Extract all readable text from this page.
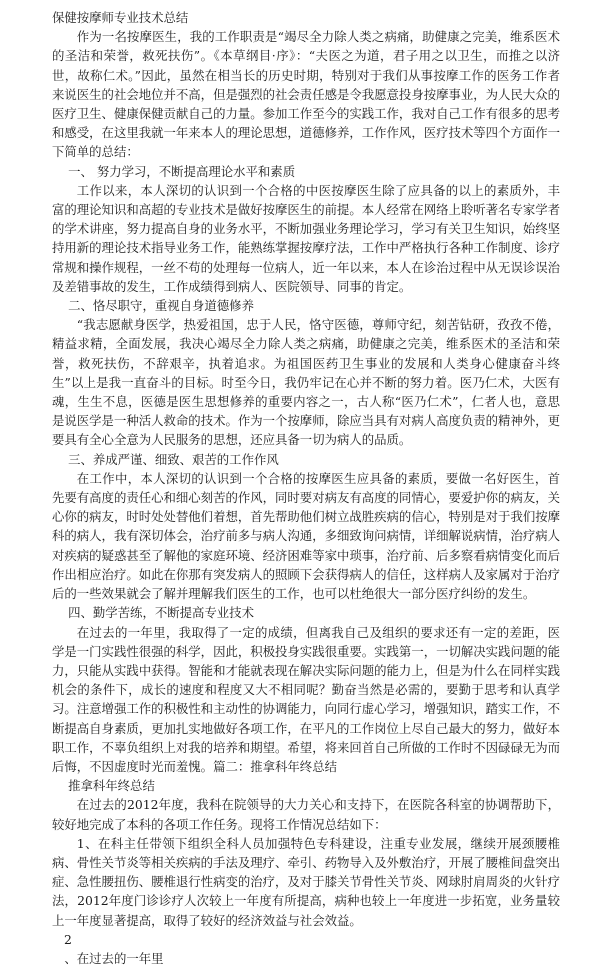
保健按摩师专业技术总结

作为一名按摩医生，我的工作职责是“竭尽全力除人类之病痛，助健康之完美，维系医术的圣洁和荣誉，救死扶伤”。《本草纲目·序》：“夫医之为道，君子用之以卫生，而推之以济世，故称仁术。”因此，虽然在相当长的历史时期，特别对于我们从事按摩工作的医务工作者来说医生的社会地位并不高，但是强烈的社会责任感是令我愿意投身按摩事业，为人民大众的医疗卫生、健康保健贡献自己的力量。参加工作至今的实践工作，我对自己工作有很多的思考和感受，在这里我就一年来本人的理论思想，道德修养，工作作风，医疗技术等四个方面作一下简单的总结：

一、 努力学习，不断提高理论水平和素质

工作以来，本人深切的认识到一个合格的中医按摩医生除了应具备的以上的素质外，丰富的理论知识和高超的专业技术是做好按摩医生的前提。本人经常在网络上聆听著名专家学者的学术讲座，努力提高自身的业务水平，不断加强业务理论学习，学习有关卫生知识，始终坚持用新的理论技术指导业务工作，能熟练掌握按摩疗法，工作中严格执行各种工作制度、诊疗常规和操作规程，一丝不苟的处理每一位病人，近一年以来，本人在诊治过程中从无误诊误治及差错事故的发生，工作成绩得到病人、医院领导、同事的肯定。

二、恪尽职守，重视自身道德修养

“我志愿献身医学，热爱祖国，忠于人民，恪守医德，尊师守纪，刻苦钻研，孜孜不倦，精益求精，全面发展，我决心竭尽全力除人类之病痛，助健康之完美，维系医术的圣洁和荣誉，救死扶伤，不辞艰辛，执着追求。为祖国医药卫生事业的发展和人类身心健康奋斗终生”以上是我一直奋斗的目标。时至今日，我仍牢记在心并不断的努力着。医乃仁术，大医有魂，生生不息，医德是医生思想修养的重要内容之一，古人称“医乃仁术”，仁者人也，意思是说医学是一种活人救命的技术。作为一个按摩师，除应当具有对病人高度负责的精神外，更要具有全心全意为人民服务的思想，还应具备一切为病人的品质。

三、养成严谨、细致、艰苦的工作作风

在工作中，本人深切的认识到一个合格的按摩医生应具备的素质，要做一名好医生，首先要有高度的责任心和细心刻苦的作风，同时要对病友有高度的同情心，要爱护你的病友，关心你的病友，时时处处替他们着想，首先帮助他们树立战胜疾病的信心，特别是对于我们按摩科的病人，我有深切体会，治疗前多与病人沟通，多细致询问病情，详细解说病情，治疗病人对疾病的疑惑甚至了解他的家庭环境、经济困难等家中琐事，治疗前、后多察看病情变化而后作出相应治疗。如此在你那有突发病人的照顾下会获得病人的信任，这样病人及家属对于治疗后的一些效果就会了解并理解我们医生的工作，也可以杜绝很大一部分医疗纠纷的发生。

四、勤学苦练，不断提高专业技术

在过去的一年里，我取得了一定的成绩，但离我自己及组织的要求还有一定的差距，医学是一门实践性很强的科学，因此，积极投身实践很重要。实践第一，一切解决实践问题的能力，只能从实践中获得。智能和才能就表现在解决实际问题的能力上，但是为什么在同样实践机会的条件下，成长的速度和程度又大不相同呢？勤奋当然是必需的，要勤于思考和认真学习。注意增强工作的积极性和主动性的协调能力，向同行虚心学习，增强知识，踏实工作，不断提高自身素质，更加扎实地做好各项工作，在平凡的工作岗位上尽自己最大的努力，做好本职工作，不辜负组织上对我的培养和期望。希望，将来回首自己所做的工作时不因碌碌无为而后悔，不因虚度时光而羞愧。篇二：推拿科年终总结

推拿科年终总结

在过去的2012年度，我科在院领导的大力关心和支持下，在医院各科室的协调帮助下，较好地完成了本科的各项工作任务。现将工作情况总结如下：

1、在科主任带领下组织全科人员加强特色专科建设，注重专业发展，继续开展颈腰椎病、骨性关节炎等相关疾病的手法及理疗、牵引、药物导入及外敷治疗，开展了腰椎间盘突出症、急性腰扭伤、腰椎退行性病变的治疗，及对于膝关节骨性关节炎、网球肘肩周炎的火针疗法，2012年度门诊诊疗人次较上一年度有所提高，病种也较上一年度进一步拓宽，业务量较上一年度显著提高，取得了较好的经济效益与社会效益。

2

、在过去的一年里
